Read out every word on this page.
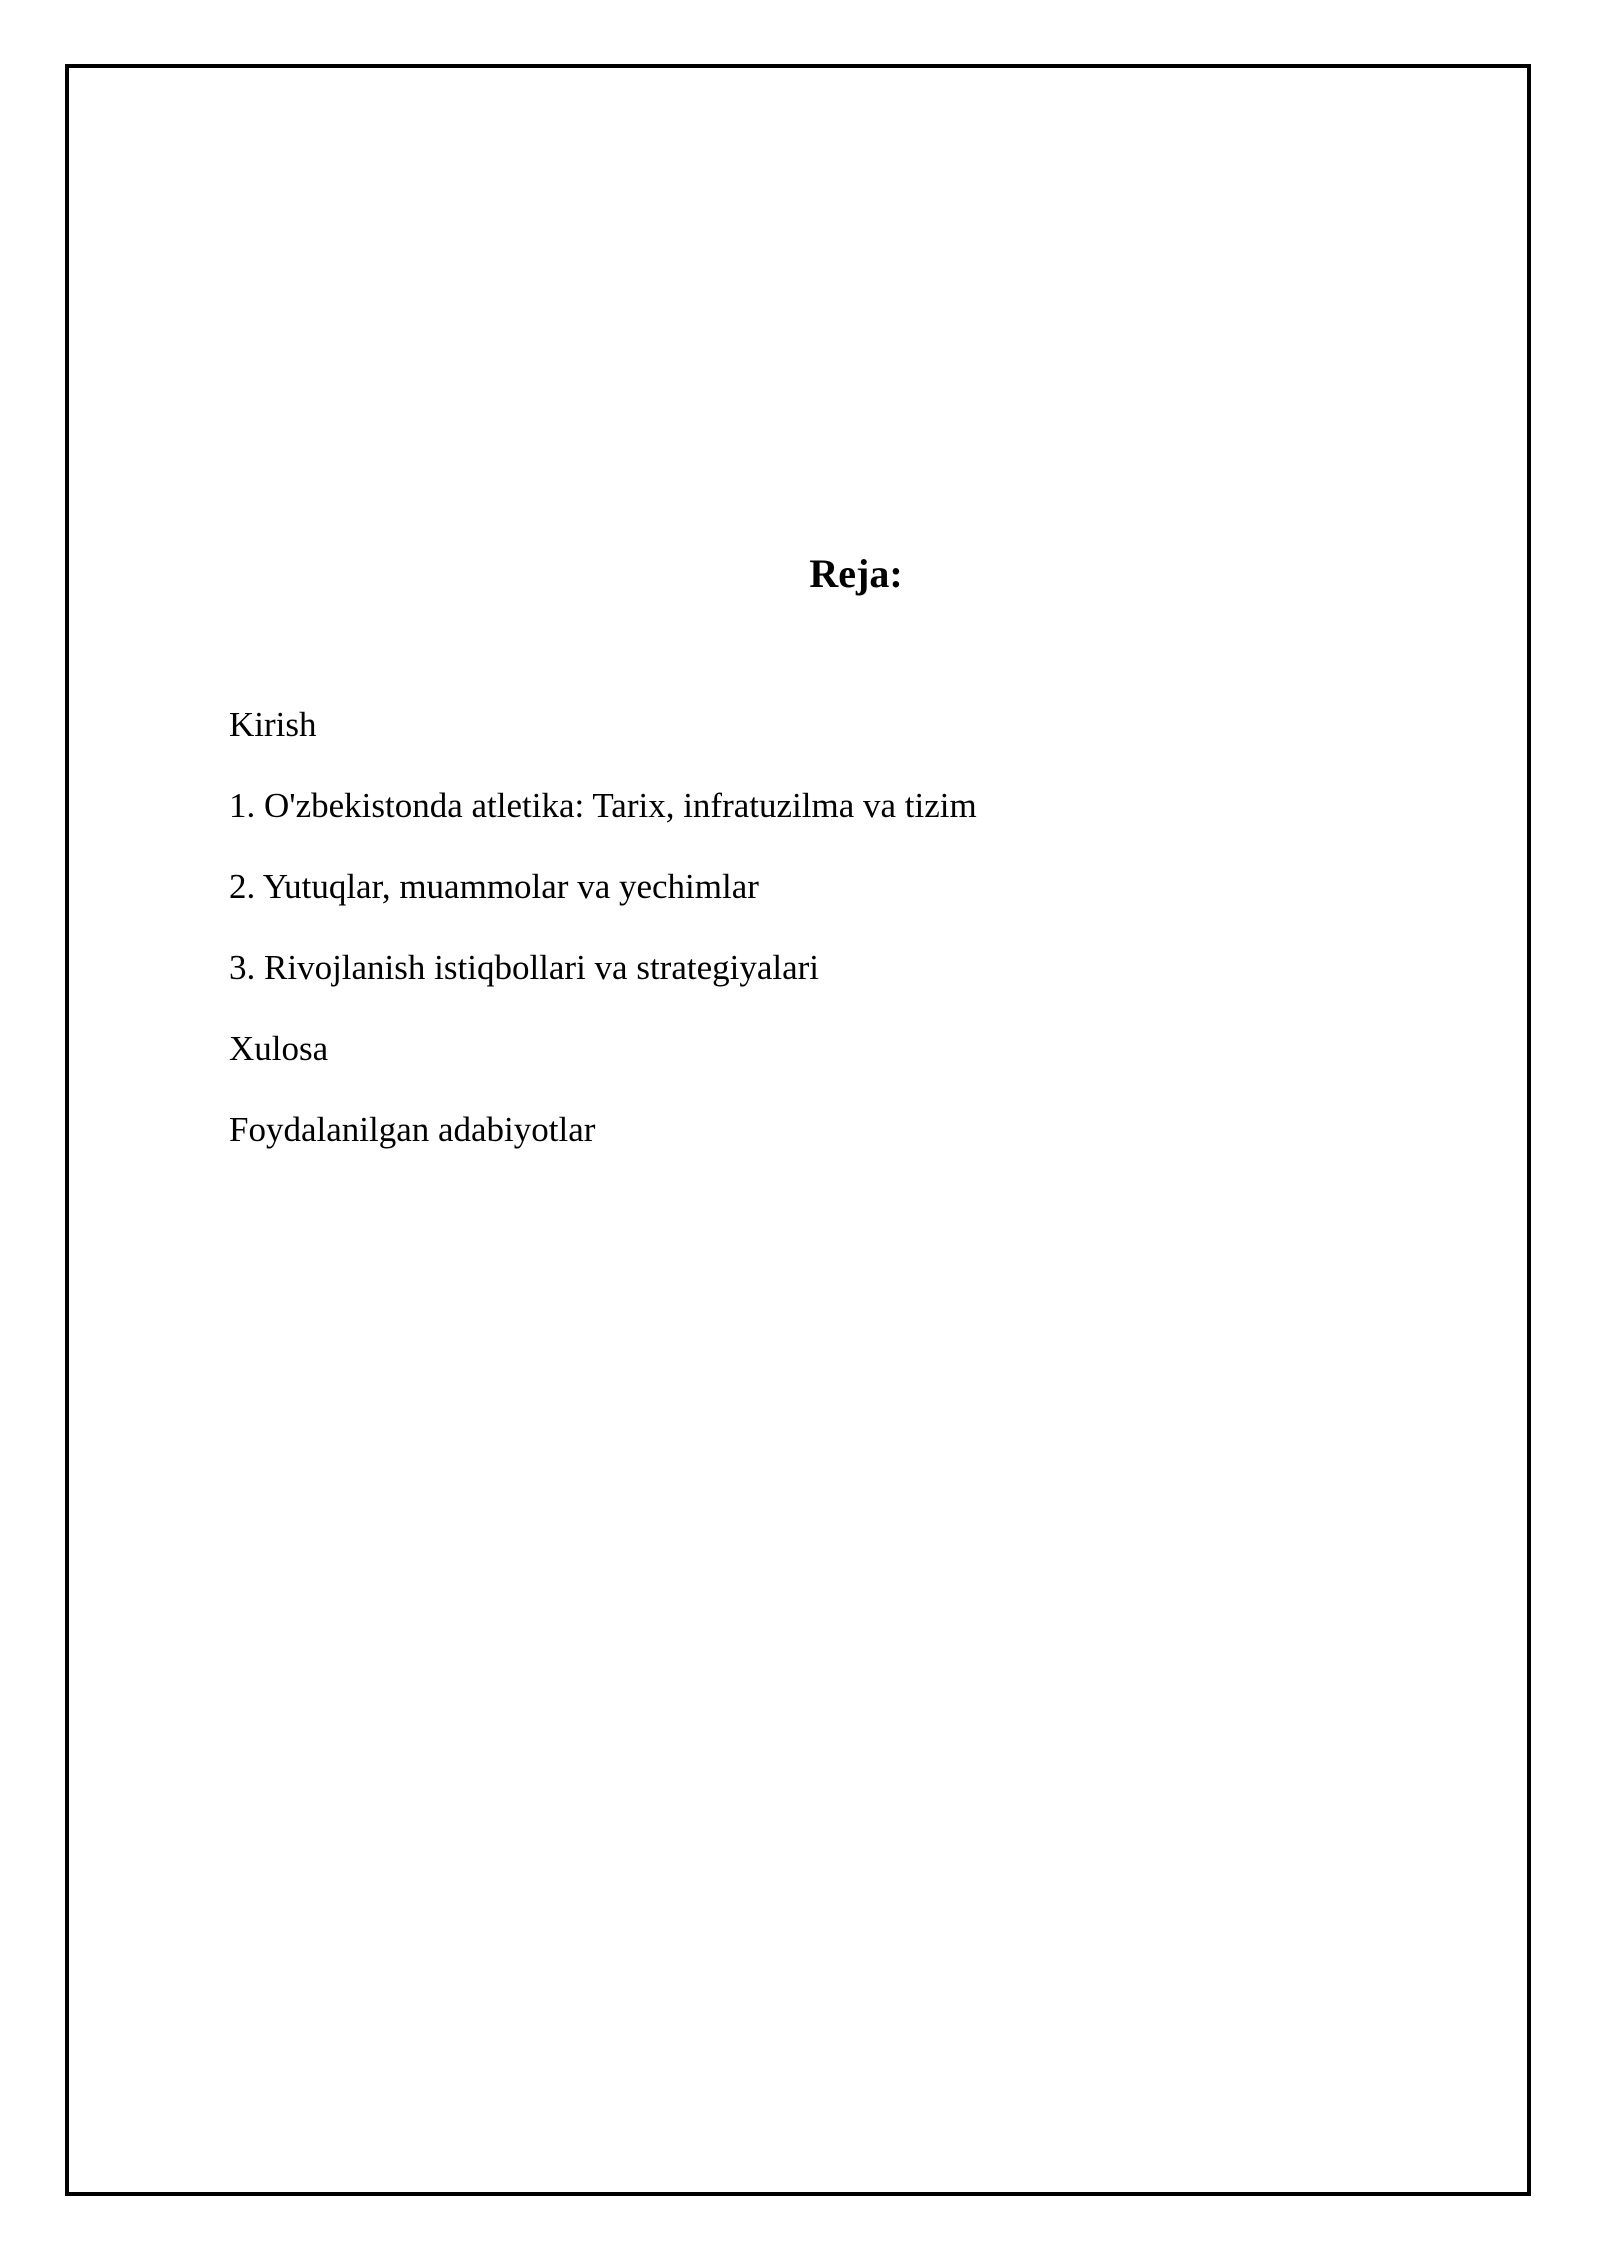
Reja:
Kirish
1. O'zbekistonda atletika: Tarix, infratuzilma va tizim
2. Yutuqlar, muammolar va yechimlar
3. Rivojlanish istiqbollari va strategiyalari
Xulosa
Foydalanilgan adabiyotlar
